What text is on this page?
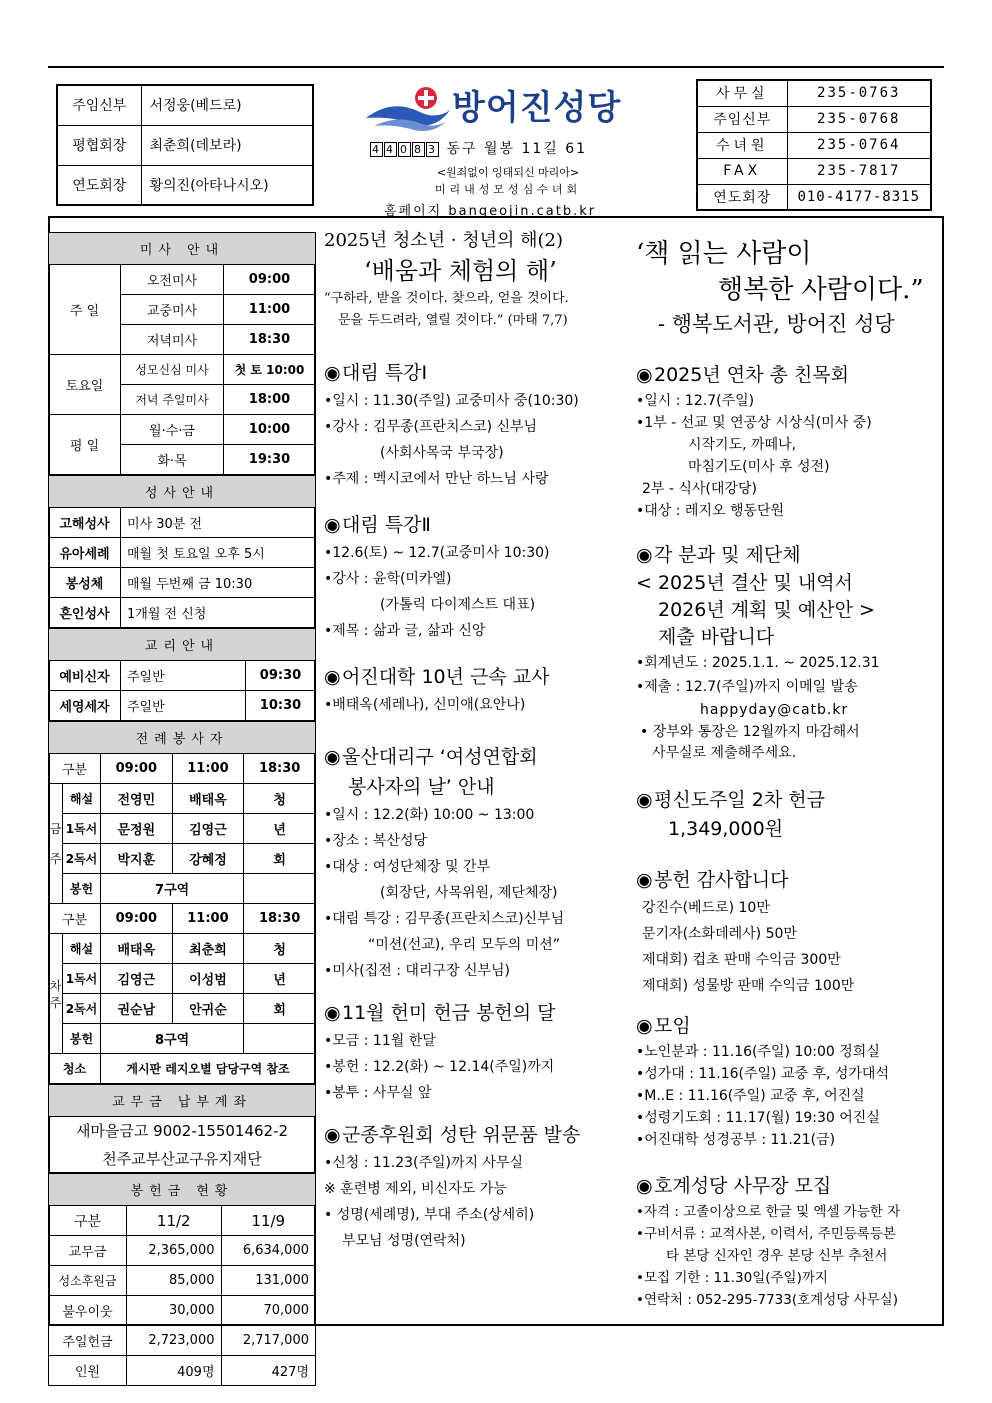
주임신부	서정웅(베드로)
평협회장	최춘희(데보라)
연도회장	황의진(아타나시오)
방어진성당
4 4 0 8 3 동구 월봉 11길 61
<원죄없이 잉태되신 마리아>
미리내성모성심수녀회
홈페이지 bangeojin.catb.kr
사무실	235-0763
주임신부	235-0768
수녀원	235-0764
FAX	235-7817
연도회장	010-4177-8315
미사 안내		
주 일	오전미사	09:00
	교중미사	11:00
	저녁미사	18:30
토요일	성모신심 미사	첫 토 10:00
	저녁 주일미사	18:00
평 일	월·수·금	10:00
	화·목	19:30
성사안내	
고해성사	미사 30분 전
유아세례	매월 첫 토요일 오후 5시
봉성체	매월 두번째 금 10:30
혼인성사	1개월 전 신청
교리안내		
예비신자	주일반	09:30
세영세자	주일반	10:30
전례봉사자				
구분		09:00	11:00	18:30
금주	해설	전영민	배태옥	청
	1독서	문정원	김영근	년
	2독서	박지훈	강혜정	회
	봉헌	7구역		
구분		09:00	11:00	18:30
차주	해설	배태옥	최춘희	청
	1독서	김영근	이성범	년
	2독서	권순남	안귀순	회
	봉헌	8구역		
청소		게시판 레지오별 담당구역 참조		
교무금 납부계좌
새마을금고 9002-15501462-2
천주교부산교구유지재단
봉헌금 현황		
구분	11/2	11/9
교무금	2,365,000	6,634,000
성소후원금	85,000	131,000
불우이웃	30,000	70,000
주일헌금	2,723,000	2,717,000
인원	409명	427명

2025년 청소년 · 청년의 해(2)

‘배움과 체험의 해’

“구하라, 받을 것이다. 찾으라, 얻을 것이다.

문을 두드려라, 열릴 것이다.” (마태 7,7)

◉대림 특강Ⅰ

•일시 : 11.30(주일) 교중미사 중(10:30)

•강사 : 김무종(프란치스코) 신부님

(사회사목국 부국장)

•주제 : 멕시코에서 만난 하느님 사랑

◉대림 특강Ⅱ

•12.6(토) ~ 12.7(교중미사 10:30)

•강사 : 윤학(미카엘)

(가톨릭 다이제스트 대표)

•제목 : 삶과 글, 삶과 신앙

◉어진대학 10년 근속 교사

•배태옥(세레나), 신미애(요안나)

◉울산대리구 ‘여성연합회
봉사자의 날’ 안내

•일시 : 12.2(화) 10:00 ~ 13:00

•장소 : 복산성당

•대상 : 여성단체장 및 간부

(회장단, 사목위원, 제단체장)

•대림 특강 : 김무종(프란치스코)신부님

“미션(선교), 우리 모두의 미션”

•미사(집전 : 대리구장 신부님)

◉11월 헌미 헌금 봉헌의 달

•모금 : 11월 한달

•봉헌 : 12.2(화) ~ 12.14(주일)까지

•봉투 : 사무실 앞

◉군종후원회 성탄 위문품 발송

•신청 : 11.23(주일)까지 사무실

※ 훈련병 제외, 비신자도 가능

• 성명(세례명), 부대 주소(상세히)

부모님 성명(연락처)

‘책 읽는 사람이

행복한 사람이다.”

- 행복도서관, 방어진 성당

◉2025년 연차 총 친목회

•일시 : 12.7(주일)

•1부 - 선교 및 연공상 시상식(미사 중)

시작기도, 까떼나,

마침기도(미사 후 성전)

2부 - 식사(대강당)

•대상 : 레지오 행동단원

◉각 분과 및 제단체

< 2025년 결산 및 내역서

2026년 계획 및 예산안 >

제출 바랍니다

•회계년도 : 2025.1.1. ~ 2025.12.31

•제출 : 12.7(주일)까지 이메일 발송

happyday@catb.kr

• 장부와 통장은 12월까지 마감해서

사무실로 제출해주세요.

◉평신도주일 2차 헌금

1,349,000원

◉봉헌 감사합니다

강진수(베드로) 10만

문기자(소화데레사) 50만

제대회) 컵초 판매 수익금 300만

제대회) 성물방 판매 수익금 100만

◉모임

•노인분과 : 11.16(주일) 10:00 정희실

•성가대 : 11.16(주일) 교중 후, 성가대석

•M..E : 11.16(주일) 교중 후, 어진실

•성령기도회 : 11.17(월) 19:30 어진실

•어진대학 성경공부 : 11.21(금)

◉호계성당 사무장 모집

•자격 : 고졸이상으로 한글 및 엑셀 가능한 자

•구비서류 : 교적사본, 이력서, 주민등록등본

타 본당 신자인 경우 본당 신부 추천서

•모집 기한 : 11.30일(주일)까지

•연락처 : 052-295-7733(호계성당 사무실)
